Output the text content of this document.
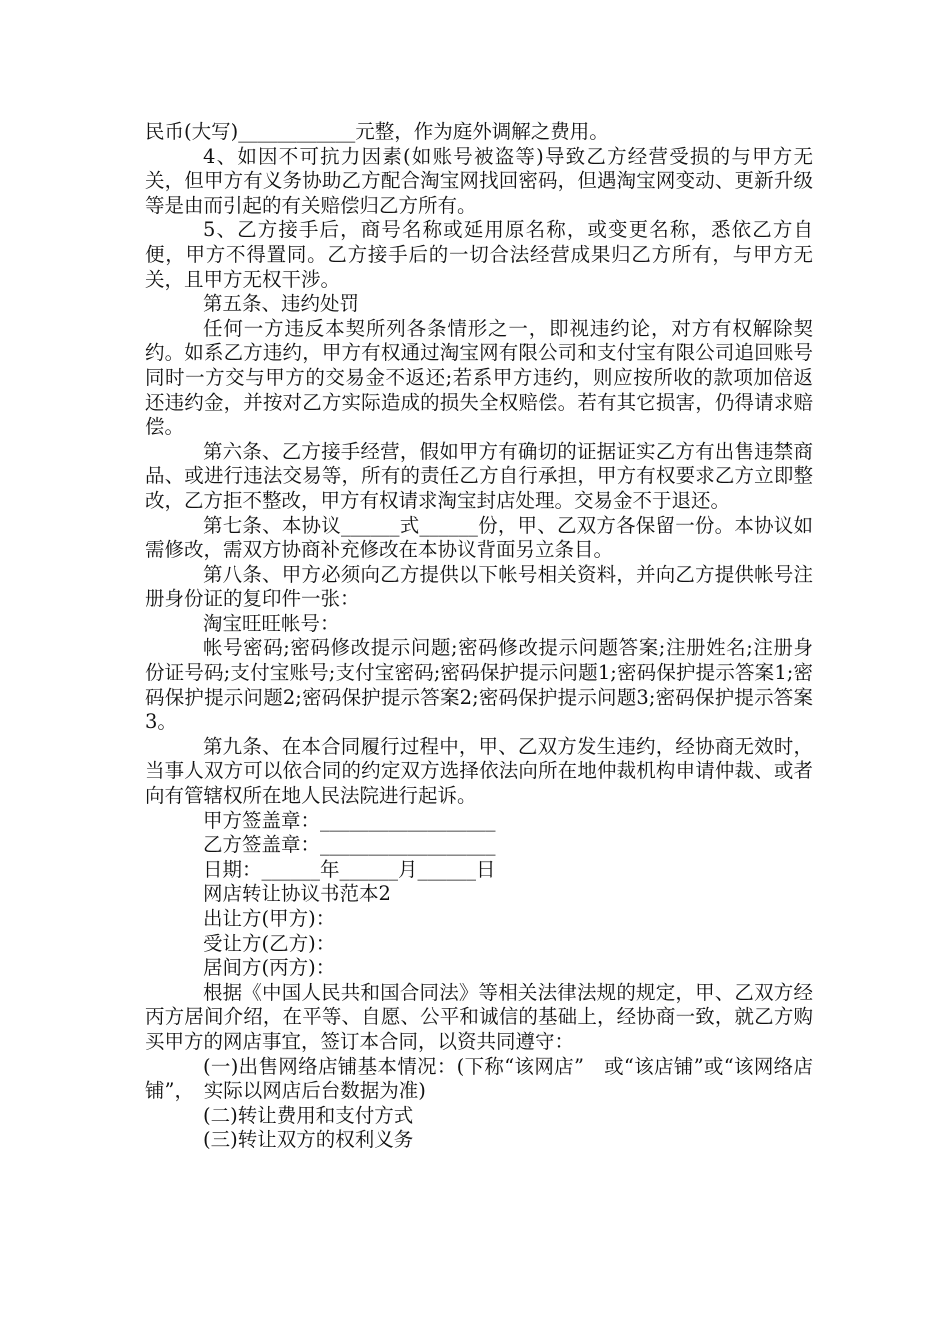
民币(大写)____________元整，作为庭外调解之费用。

4、如因不可抗力因素(如账号被盗等)导致乙方经营受损的与甲方无关，但甲方有义务协助乙方配合淘宝网找回密码，但遇淘宝网变动、更新升级等是由而引起的有关赔偿归乙方所有。

5、乙方接手后，商号名称或延用原名称，或变更名称，悉依乙方自便，甲方不得置同。乙方接手后的一切合法经营成果归乙方所有，与甲方无关，且甲方无权干涉。

第五条、违约处罚

任何一方违反本契所列各条情形之一，即视违约论，对方有权解除契约。如系乙方违约，甲方有权通过淘宝网有限公司和支付宝有限公司追回账号同时一方交与甲方的交易金不返还;若系甲方违约，则应按所收的款项加倍返还违约金，并按对乙方实际造成的损失全权赔偿。若有其它损害，仍得请求赔偿。

第六条、乙方接手经营，假如甲方有确切的证据证实乙方有出售违禁商品、或进行违法交易等，所有的责任乙方自行承担，甲方有权要求乙方立即整改，乙方拒不整改，甲方有权请求淘宝封店处理。交易金不于退还。

第七条、本协议______式______份，甲、乙双方各保留一份。本协议如需修改，需双方协商补充修改在本协议背面另立条目。

第八条、甲方必须向乙方提供以下帐号相关资料，并向乙方提供帐号注册身份证的复印件一张：

淘宝旺旺帐号：

帐号密码;密码修改提示问题;密码修改提示问题答案;注册姓名;注册身份证号码;支付宝账号;支付宝密码;密码保护提示问题1;密码保护提示答案1;密码保护提示问题2;密码保护提示答案2;密码保护提示问题3;密码保护提示答案3。

第九条、在本合同履行过程中，甲、乙双方发生违约，经协商无效时，当事人双方可以依合同的约定双方选择依法向所在地仲裁机构申请仲裁、或者向有管辖权所在地人民法院进行起诉。

甲方签盖章：__________________

乙方签盖章：__________________

日期：______年______月______日

网店转让协议书范本2

出让方(甲方)：

受让方(乙方)：

居间方(丙方)：

根据《中国人民共和国合同法》等相关法律法规的规定，甲、乙双方经丙方居间介绍，在平等、自愿、公平和诚信的基础上，经协商一致，就乙方购买甲方的网店事宜，签订本合同，以资共同遵守：

(一)出售网络店铺基本情况：(下称“该网店”　或“该店铺”或“该网络店铺”，　实际以网店后台数据为准)

(二)转让费用和支付方式

(三)转让双方的权利义务
